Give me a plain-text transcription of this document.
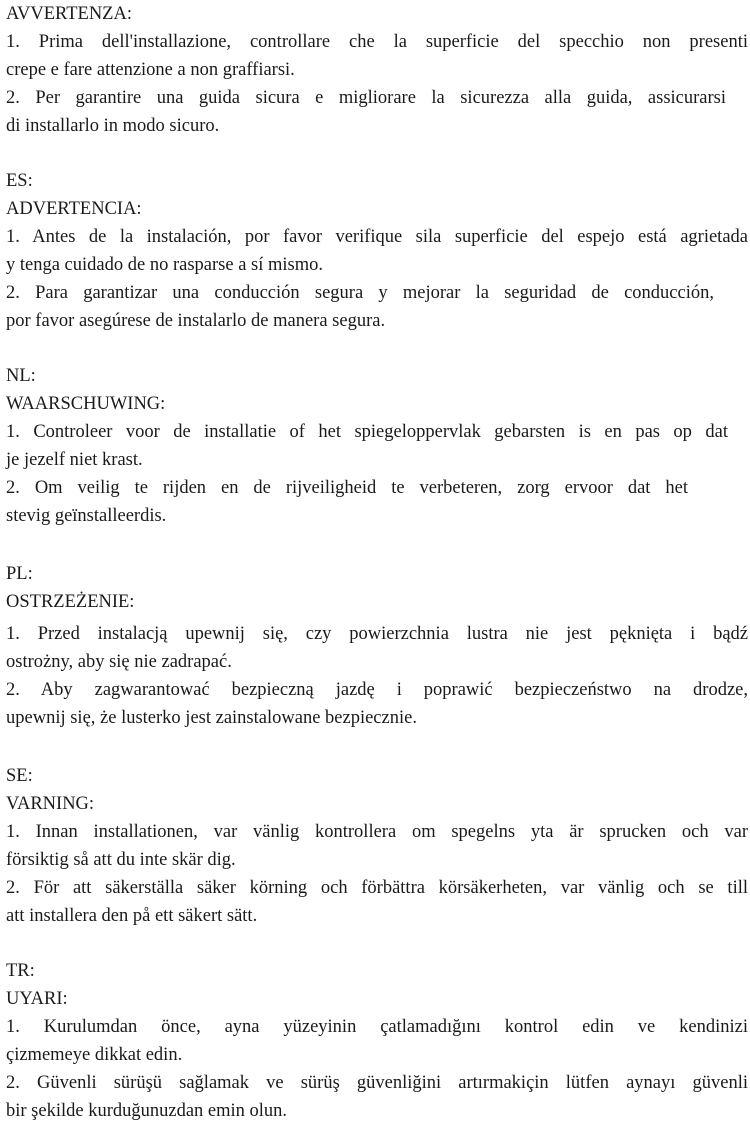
AVVERTENZA:
1. Prima dell'installazione, controllare che la superficie del specchio non presenti
crepe e fare attenzione a non graffiarsi.
2. Per garantire una guida sicura e migliorare la sicurezza alla guida, assicurarsi
di installarlo in modo sicuro.
ES:
ADVERTENCIA:
1. Antes de la instalación, por favor verifique sila superficie del espejo está agrietada
y tenga cuidado de no rasparse a sí mismo.
2. Para garantizar una conducción segura y mejorar la seguridad de conducción,
por favor asegúrese de instalarlo de manera segura.
NL:
WAARSCHUWING:
1. Controleer voor de installatie of het spiegeloppervlak gebarsten is en pas op dat
je jezelf niet krast.
2. Om veilig te rijden en de rijveiligheid te verbeteren, zorg ervoor dat het
stevig geïnstalleerdis.
PL:
OSTRZEŻENIE:
1. Przed instalacją upewnij się, czy powierzchnia lustra nie jest pęknięta i bądź
ostrożny, aby się nie zadrapać.
2. Aby zagwarantować bezpieczną jazdę i poprawić bezpieczeństwo na drodze,
upewnij się, że lusterko jest zainstalowane bezpiecznie.
SE:
VARNING:
1. Innan installationen, var vänlig kontrollera om spegelns yta är sprucken och var
försiktig så att du inte skär dig.
2. För att säkerställa säker körning och förbättra körsäkerheten, var vänlig och se till
att installera den på ett säkert sätt.
TR:
UYARI:
1. Kurulumdan önce, ayna yüzeyinin çatlamadığını kontrol edin ve kendinizi
çizmemeye dikkat edin.
2. Güvenli sürüşü sağlamak ve sürüş güvenliğini artırmakiçin lütfen aynayı güvenli
bir şekilde kurduğunuzdan emin olun.
